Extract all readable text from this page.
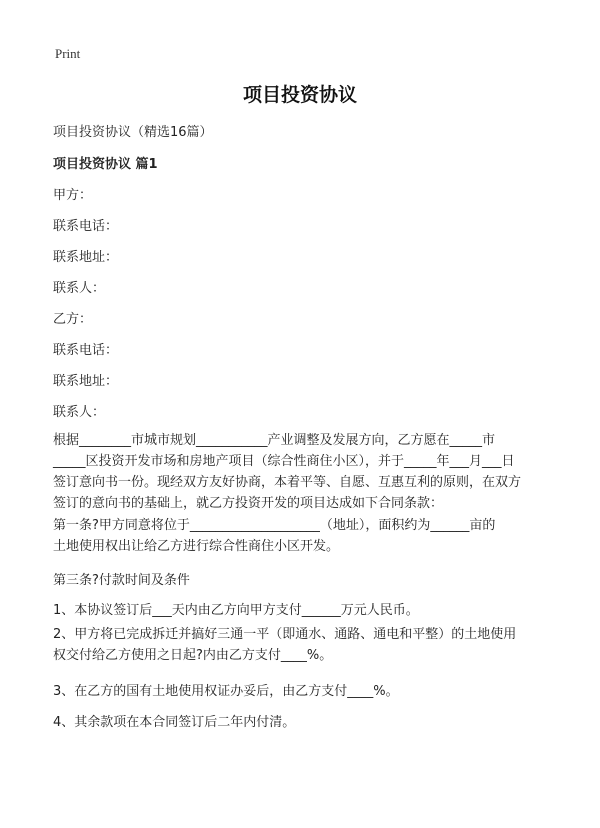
Print
项目投资协议
项目投资协议（精选16篇）
项目投资协议 篇1
甲方：
联系电话：
联系地址：
联系人：
乙方：
联系电话：
联系地址：
联系人：

根据________市城市规划___________产业调整及发展方向，乙方愿在_____市

_____区投资开发市场和房地产项目（综合性商住小区），并于_____年___月___日

签订意向书一份。现经双方友好协商，本着平等、自愿、互惠互利的原则，在双方

签订的意向书的基础上，就乙方投资开发的项目达成如下合同条款：

第一条?甲方同意将位于____________________（地址），面积约为______亩的

土地使用权出让给乙方进行综合性商住小区开发。

第三条?付款时间及条件
1、本协议签订后___天内由乙方向甲方支付______万元人民币。

2、甲方将已完成拆迁并搞好三通一平（即通水、通路、通电和平整）的土地使用

权交付给乙方使用之日起?内由乙方支付____%。

3、在乙方的国有土地使用权证办妥后，由乙方支付____%。
4、其余款项在本合同签订后二年内付清。
